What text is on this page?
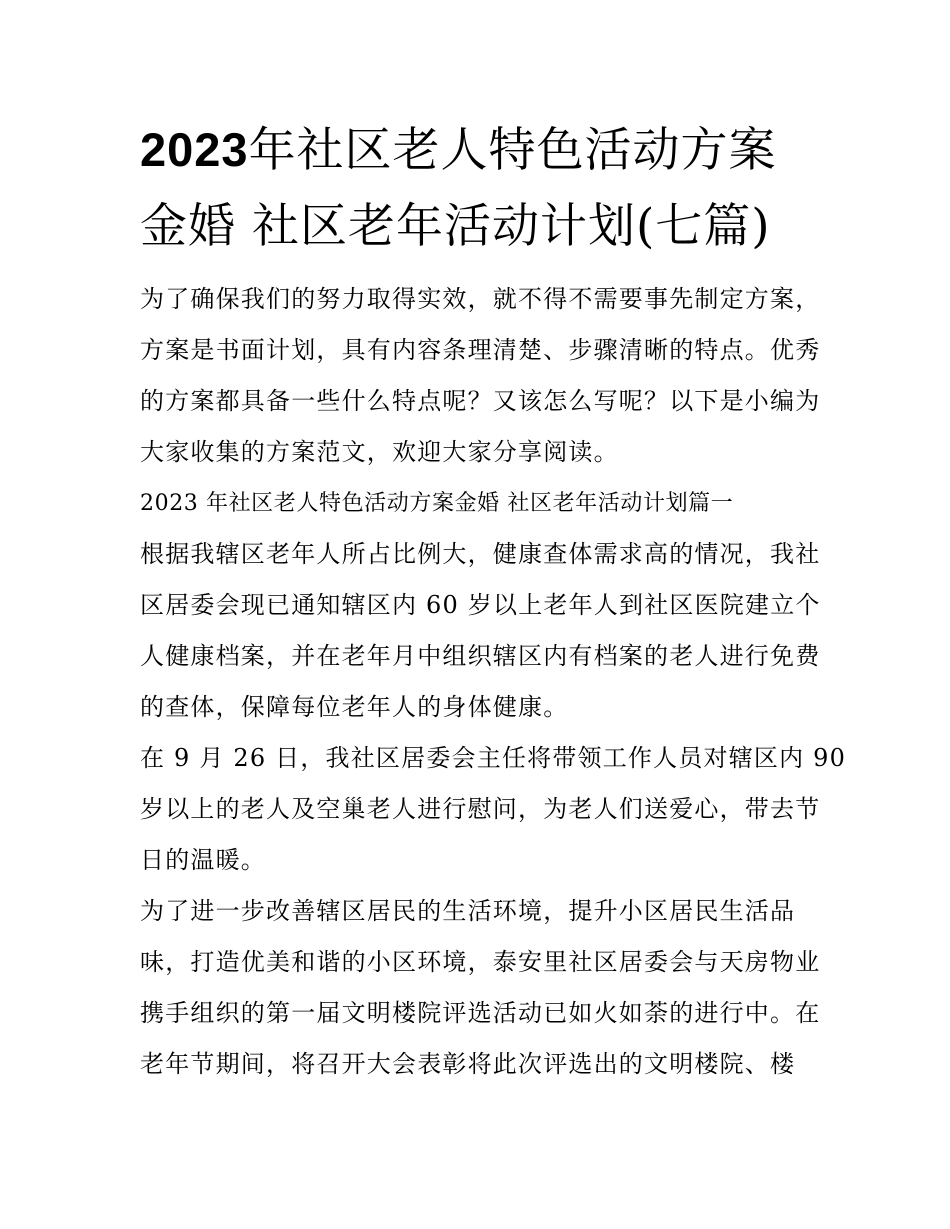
2023年社区老人特色活动方案
金婚 社区老年活动计划(七篇)
为了确保我们的努力取得实效，就不得不需要事先制定方案，
方案是书面计划，具有内容条理清楚、步骤清晰的特点。优秀
的方案都具备一些什么特点呢？又该怎么写呢？以下是小编为
大家收集的方案范文，欢迎大家分享阅读。
2023 年社区老人特色活动方案金婚 社区老年活动计划篇一
根据我辖区老年人所占比例大，健康查体需求高的情况，我社
区居委会现已通知辖区内 60 岁以上老年人到社区医院建立个
人健康档案，并在老年月中组织辖区内有档案的老人进行免费
的查体，保障每位老年人的身体健康。
在 9 月 26 日，我社区居委会主任将带领工作人员对辖区内 90
岁以上的老人及空巢老人进行慰问，为老人们送爱心，带去节
日的温暖。
为了进一步改善辖区居民的生活环境，提升小区居民生活品
味，打造优美和谐的小区环境，泰安里社区居委会与天房物业
携手组织的第一届文明楼院评选活动已如火如荼的进行中。在
老年节期间，将召开大会表彰将此次评选出的文明楼院、楼
